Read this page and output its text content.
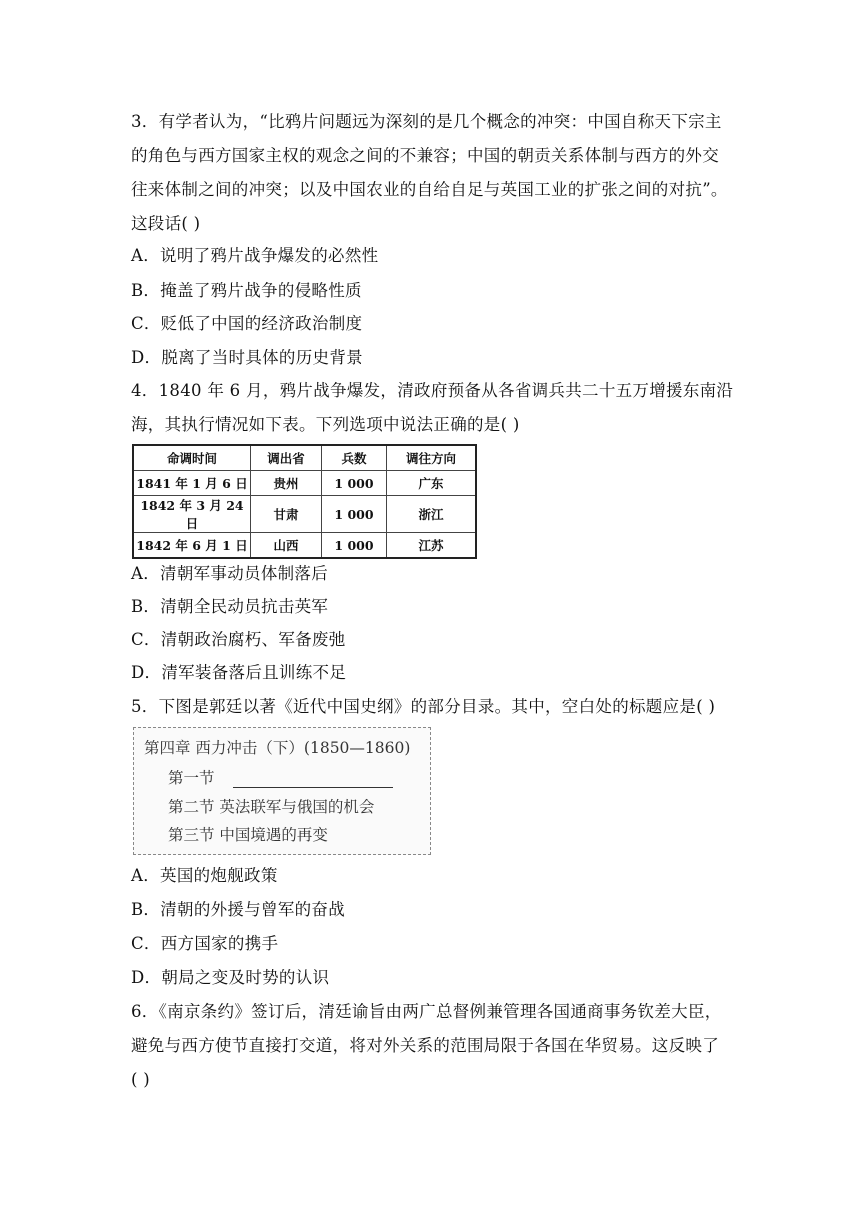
3．有学者认为，“比鸦片问题远为深刻的是几个概念的冲突：中国自称天下宗主
的角色与西方国家主权的观念之间的不兼容；中国的朝贡关系体制与西方的外交
往来体制之间的冲突；以及中国农业的自给自足与英国工业的扩张之间的对抗”。
这段话( )
A．说明了鸦片战争爆发的必然性
B．掩盖了鸦片战争的侵略性质
C．贬低了中国的经济政治制度
D．脱离了当时具体的历史背景
4．1840 年 6 月，鸦片战争爆发，清政府预备从各省调兵共二十五万增援东南沿
海，其执行情况如下表。下列选项中说法正确的是( )
命调时间	调出省	兵数	调往方向
1841 年 1 月 6 日	贵州	1 000	广东
1842 年 3 月 24 日	甘肃	1 000	浙江
1842 年 6 月 1 日	山西	1 000	江苏
A．清朝军事动员体制落后
B．清朝全民动员抗击英军
C．清朝政治腐朽、军备废弛
D．清军装备落后且训练不足
5．下图是郭廷以著《近代中国史纲》的部分目录。其中，空白处的标题应是( )
第四章 西力冲击（下）(1850—1860)
第一节
第二节 英法联军与俄国的机会
第三节 中国境遇的再变
A．英国的炮舰政策
B．清朝的外援与曾军的奋战
C．西方国家的携手
D．朝局之变及时势的认识
6．《南京条约》签订后，清廷谕旨由两广总督例兼管理各国通商事务钦差大臣，
避免与西方使节直接打交道，将对外关系的范围局限于各国在华贸易。这反映了
( )
